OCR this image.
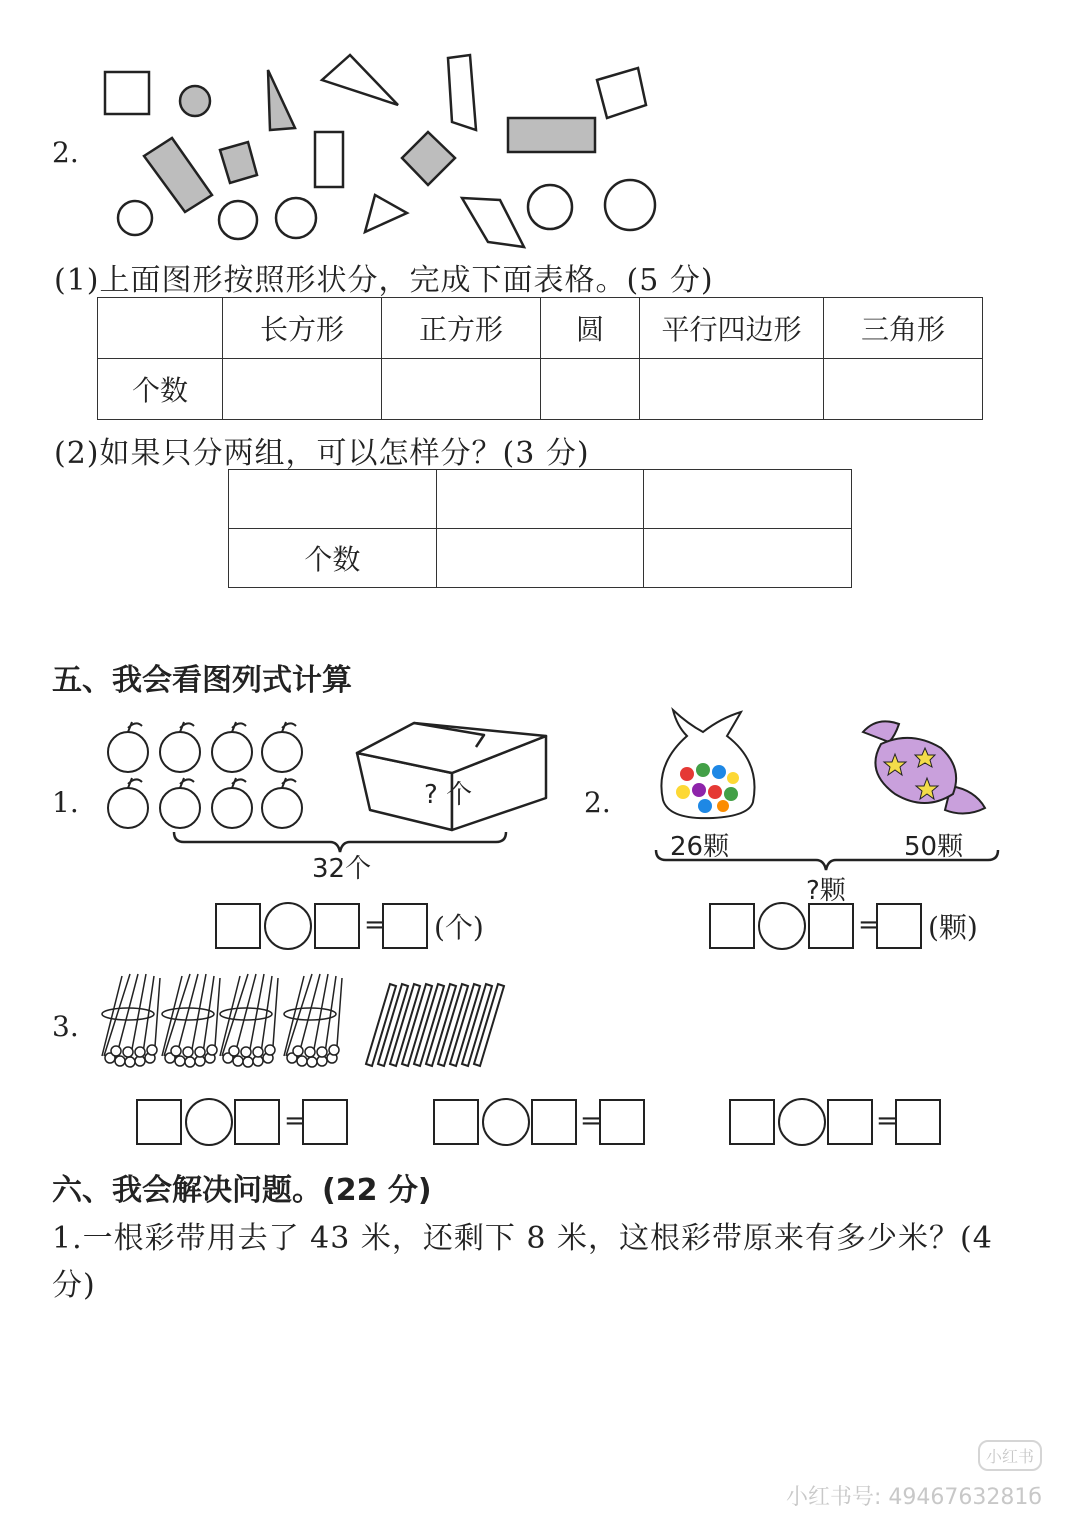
2.
(1)上面图形按照形状分，完成下面表格。(5 分)
	长方形	正方形	圆	平行四边形	三角形
个数					
(2)如果只分两组，可以怎样分？(3 分)

个数		
五、我会看图列式计算
1.	? 个
32个
= (个)
2.
26颗	50颗
?颗
= (颗)
3.
=	=	=
六、我会解决问题。(22 分)
1.一根彩带用去了 43 米，还剩下 8 米，这根彩带原来有多少米？(4
分)
小红书
小红书号: 4946763281б
